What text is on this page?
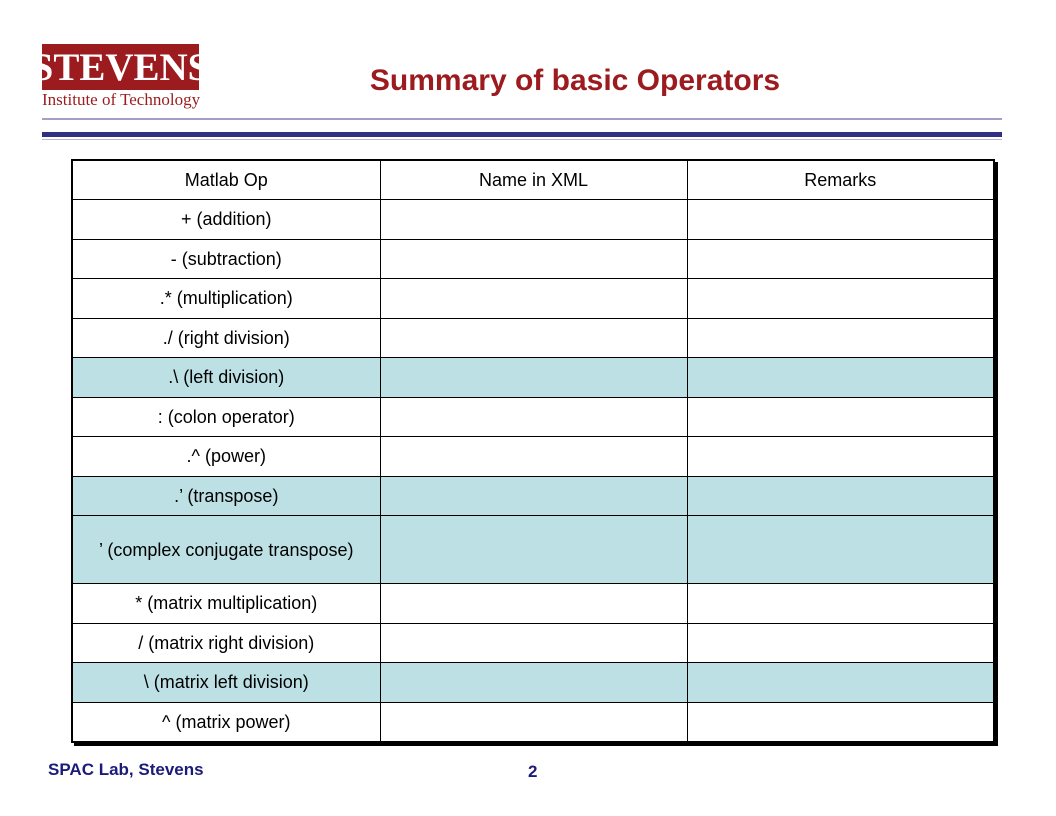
STEVENS
Institute of Technology
Summary of basic Operators
Matlab Op	Name in XML	Remarks
+ (addition)		
- (subtraction)		
.* (multiplication)		
./ (right division)		
.\ (left division)		
: (colon operator)		
.^ (power)		
.’ (transpose)		
’ (complex conjugate transpose)		
* (matrix multiplication)		
/ (matrix right division)		
\ (matrix left division)		
^ (matrix power)		
SPAC Lab, Stevens	2
